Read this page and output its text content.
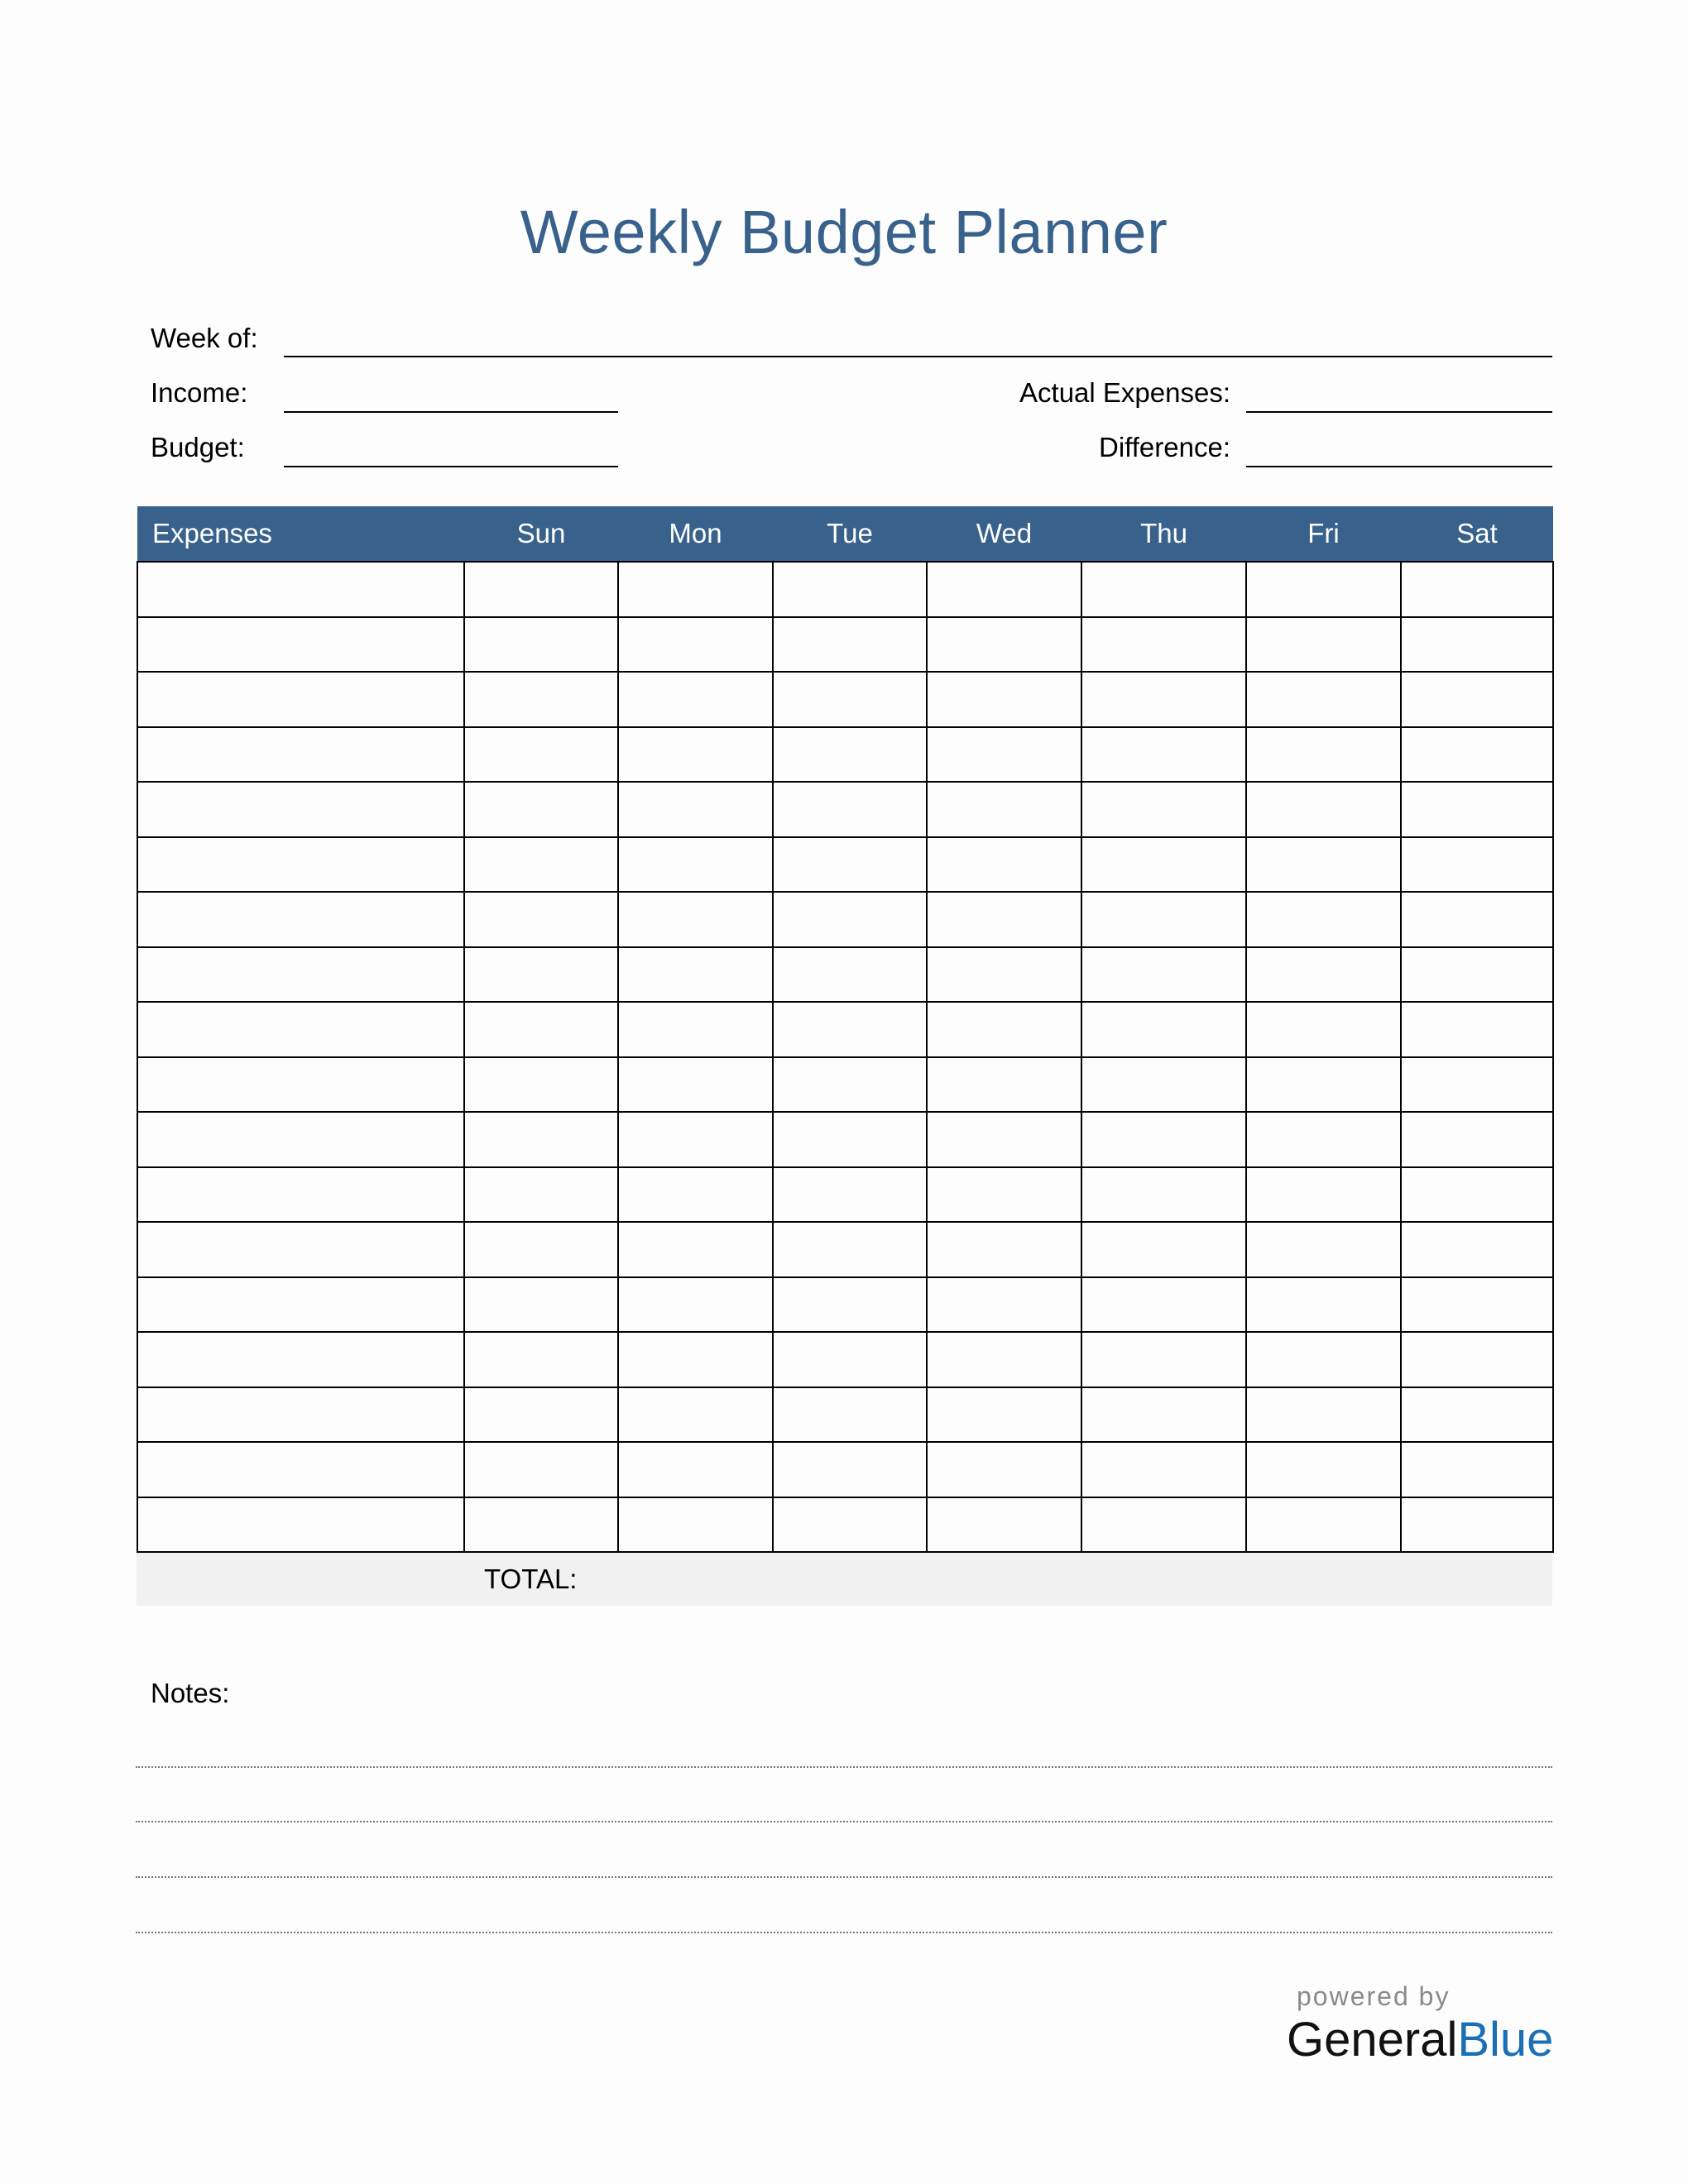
Weekly Budget Planner
Week of:
Income:
Budget:
Actual Expenses:
Difference:
Expenses	Sun	Mon	Tue	Wed	Thu	Fri	Sat

TOTAL:
Notes:
powered by
GeneralBlue
